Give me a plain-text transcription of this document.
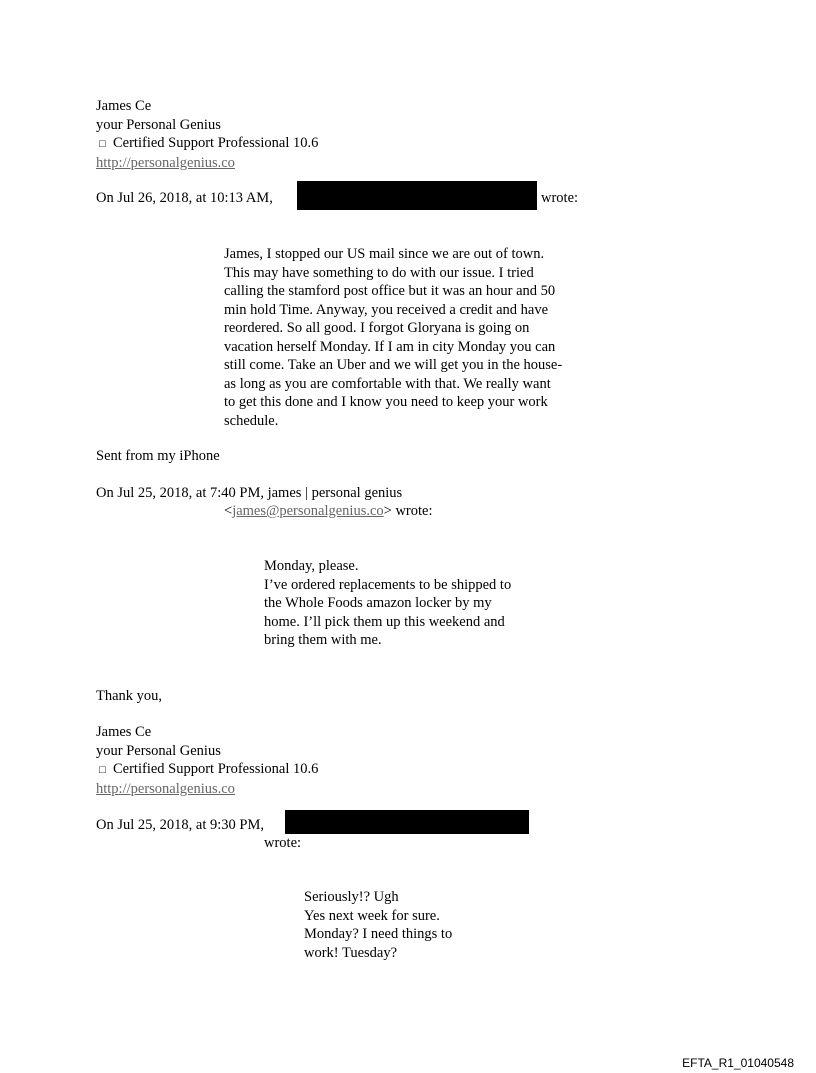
James Ce
your Personal Genius
□ Certified Support Professional 10.6
http://personalgenius.co
On Jul 26, 2018, at 10:13 AM,	wrote:
James, I stopped our US mail since we are out of town.
This may have something to do with our issue. I tried
calling the stamford post office but it was an hour and 50
min hold Time. Anyway, you received a credit and have
reordered. So all good. I forgot Gloryana is going on
vacation herself Monday. If I am in city Monday you can
still come. Take an Uber and we will get you in the house-
as long as you are comfortable with that. We really want
to get this done and I know you need to keep your work
schedule.
Sent from my iPhone
On Jul 25, 2018, at 7:40 PM, james | personal genius
<james@personalgenius.co> wrote:
Monday, please.
I’ve ordered replacements to be shipped to
the Whole Foods amazon locker by my
home. I’ll pick them up this weekend and
bring them with me.
Thank you,
James Ce
your Personal Genius
□ Certified Support Professional 10.6
http://personalgenius.co
On Jul 25, 2018, at 9:30 PM,
wrote:
Seriously!? Ugh
Yes next week for sure.
Monday? I need things to
work! Tuesday?
EFTA_R1_01040548
